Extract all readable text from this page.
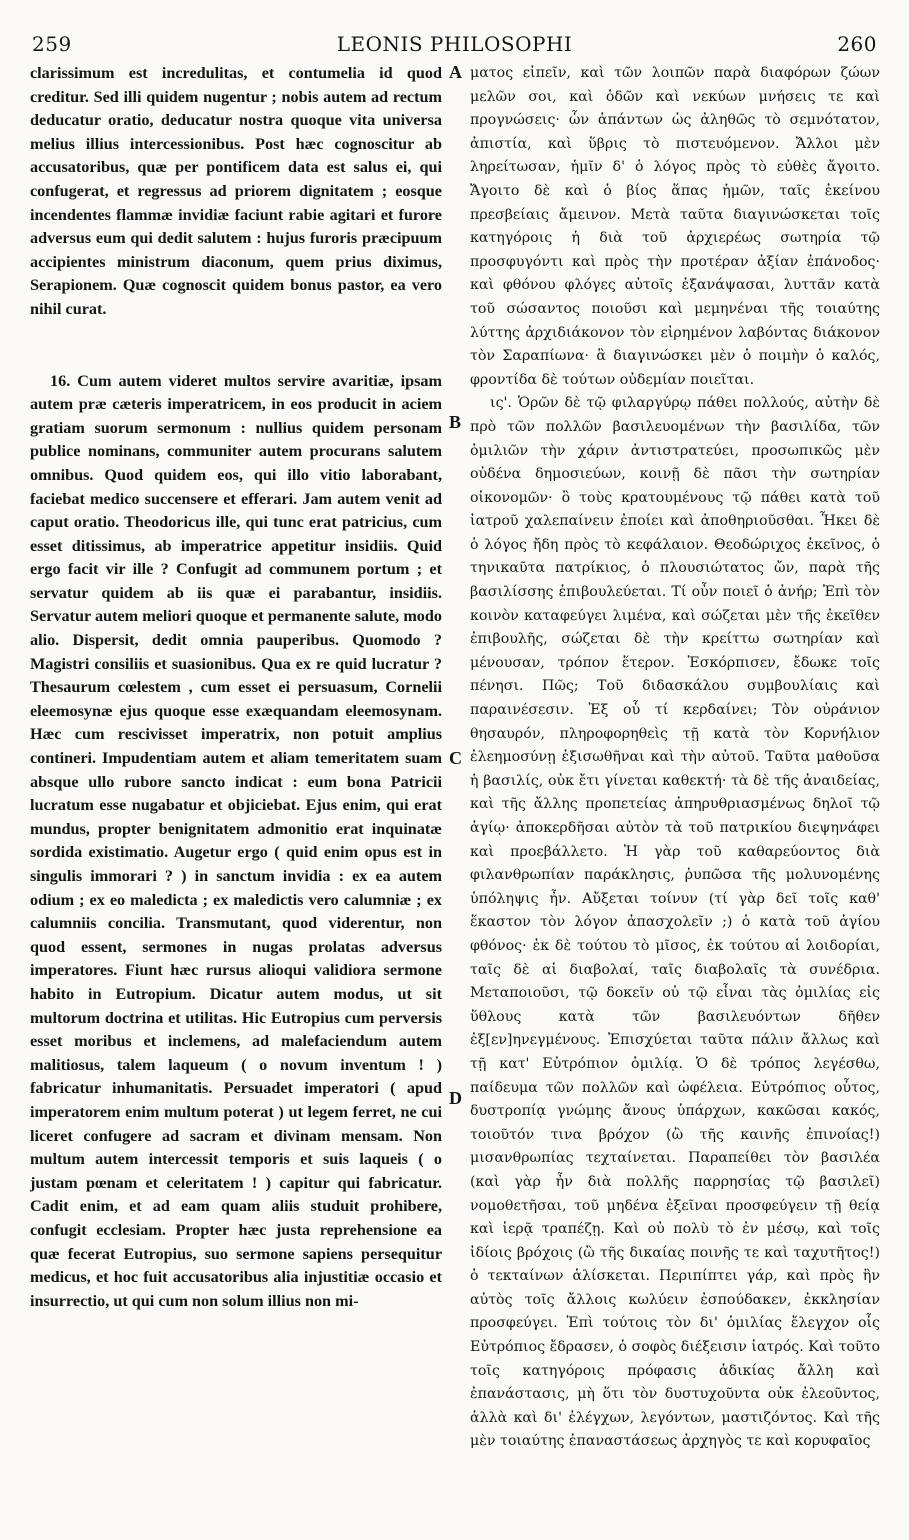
259	LEONIS PHILOSOPHI	260

clarissimum est incredulitas, et contumelia id quod creditur. Sed illi quidem nugentur ; nobis autem ad rectum deducatur oratio, deducatur nostra quoque vita universa melius illius intercessionibus. Post hæc cognoscitur ab accusatoribus, quæ per pontificem data est salus ei, qui confugerat, et regressus ad priorem dignitatem ; eosque incendentes flammæ invidiæ faciunt rabie agitari et furore adversus eum qui dedit salutem : hujus furoris præcipuum accipientes ministrum diaconum, quem prius diximus, Serapionem. Quæ cognoscit quidem bonus pastor, ea vero nihil curat.

16. Cum autem videret multos servire avaritiæ, ipsam autem præ cæteris imperatricem, in eos producit in aciem gratiam suorum sermonum : nullius quidem personam publice nominans, communiter autem procurans salutem omnibus. Quod quidem eos, qui illo vitio laborabant, faciebat medico succensere et efferari. Jam autem venit ad caput oratio. Theodoricus ille, qui tunc erat patricius, cum esset ditissimus, ab imperatrice appetitur insidiis. Quid ergo facit vir ille ? Confugit ad communem portum ; et servatur quidem ab iis quæ ei parabantur, insidiis. Servatur autem meliori quoque et permanente salute, modo alio. Dispersit, dedit omnia pauperibus. Quomodo ? Magistri consiliis et suasionibus. Qua ex re quid lucratur ? Thesaurum cœlestem , cum esset ei persuasum, Cornelii eleemosynæ ejus quoque esse exæquandam eleemosynam. Hæc cum rescivisset imperatrix, non potuit amplius contineri. Impudentiam autem et aliam temeritatem suam absque ullo rubore sancto indicat : eum bona Patricii lucratum esse nugabatur et objiciebat. Ejus enim, qui erat mundus, propter benignitatem admonitio erat inquinatæ sordida existimatio. Augetur ergo ( quid enim opus est in singulis immorari ? ) in sanctum invidia : ex ea autem odium ; ex eo maledicta ; ex maledictis vero calumniæ ; ex calumniis concilia. Transmutant, quod viderentur, non quod essent, sermones in nugas prolatas adversus imperatores. Fiunt hæc rursus alioqui validiora sermone habito in Eutropium. Dicatur autem modus, ut sit multorum doctrina et utilitas. Hic Eutropius cum perversis esset moribus et inclemens, ad malefaciendum autem malitiosus, talem laqueum ( o novum inventum ! ) fabricatur inhumanitatis. Persuadet imperatori ( apud imperatorem enim multum poterat ) ut legem ferret, ne cui liceret confugere ad sacram et divinam mensam. Non multum autem intercessit temporis et suis laqueis ( o justam pœnam et celeritatem ! ) capitur qui fabricatur. Cadit enim, et ad eam quam aliis studuit prohibere, confugit ecclesiam. Propter hæc justa reprehensione ea quæ fecerat Eutropius, suo sermone sapiens persequitur medicus, et hoc fuit accusatoribus alia injustitiæ occasio et insurrectio, ut qui cum non solum illius non mi-

A
B
C
D

ματος εἰπεῖν, καὶ τῶν λοιπῶν παρὰ διαφόρων ζώων μελῶν σοι, καὶ ὁδῶν καὶ νεκύων μνήσεις τε καὶ προγνώσεις· ὧν ἁπάντων ὡς ἀληθῶς τὸ σεμνότατον, ἀπιστία, καὶ ὕβρις τὸ πιστευόμενον. Ἄλλοι μὲν ληρείτωσαν, ἡμῖν δ' ὁ λόγος πρὸς τὸ εὐθὲς ἄγοιτο. Ἄγοιτο δὲ καὶ ὁ βίος ἅπας ἡμῶν, ταῖς ἐκείνου πρεσβείαις ἄμεινον. Μετὰ ταῦτα διαγινώσκεται τοῖς κατηγόροις ἡ διὰ τοῦ ἀρχιερέως σωτηρία τῷ προσφυγόντι καὶ πρὸς τὴν προτέραν ἀξίαν ἐπάνοδος· καὶ φθόνου φλόγες αὐτοῖς ἐξανάψασαι, λυττᾶν κατὰ τοῦ σώσαντος ποιοῦσι καὶ μεμηνέναι τῆς τοιαύτης λύττης ἀρχιδιάκονον τὸν εἰρημένον λαβόντας διάκονον τὸν Σαραπίωνα· ἃ διαγινώσκει μὲν ὁ ποιμὴν ὁ καλός, φροντίδα δὲ τούτων οὐδεμίαν ποιεῖται.

ις'. Ὁρῶν δὲ τῷ φιλαργύρῳ πάθει πολλούς, αὐτὴν δὲ πρὸ τῶν πολλῶν βασιλευομένων τὴν βασιλίδα, τῶν ὁμιλιῶν τὴν χάριν ἀντιστρατεύει, προσωπικῶς μὲν οὐδένα δημοσιεύων, κοινῇ δὲ πᾶσι τὴν σωτηρίαν οἰκονομῶν· ὃ τοὺς κρατουμένους τῷ πάθει κατὰ τοῦ ἰατροῦ χαλεπαίνειν ἐποίει καὶ ἀποθηριοῦσθαι. Ἧκει δὲ ὁ λόγος ἤδη πρὸς τὸ κεφάλαιον. Θεοδώριχος ἐκεῖνος, ὁ τηνικαῦτα πατρίκιος, ὁ πλουσιώτατος ὤν, παρὰ τῆς βασιλίσσης ἐπιβουλεύεται. Τί οὖν ποιεῖ ὁ ἀνήρ; Ἐπὶ τὸν κοινὸν καταφεύγει λιμένα, καὶ σώζεται μὲν τῆς ἐκεῖθεν ἐπιβουλῆς, σώζεται δὲ τὴν κρείττω σωτηρίαν καὶ μένουσαν, τρόπον ἕτερον. Ἐσκόρπισεν, ἔδωκε τοῖς πένησι. Πῶς; Τοῦ διδασκάλου συμβουλίαις καὶ παραινέσεσιν. Ἐξ οὗ τί κερδαίνει; Τὸν οὐράνιον θησαυρόν, πληροφορηθεὶς τῇ κατὰ τὸν Κορνήλιον ἐλεημοσύνῃ ἐξισωθῆναι καὶ τὴν αὐτοῦ. Ταῦτα μαθοῦσα ἡ βασιλίς, οὐκ ἔτι γίνεται καθεκτή· τὰ δὲ τῆς ἀναιδείας, καὶ τῆς ἄλλης προπετείας ἀπηρυθριασμένως δηλοῖ τῷ ἁγίῳ· ἀποκερδῆσαι αὐτὸν τὰ τοῦ πατρικίου διεψηνάφει καὶ προεβάλλετο. Ἡ γὰρ τοῦ καθαρεύοντος διὰ φιλανθρωπίαν παράκλησις, ῥυπῶσα τῆς μολυνομένης ὑπόληψις ἦν. Αὔξεται τοίνυν (τί γὰρ δεῖ τοῖς καθ' ἕκαστον τὸν λόγον ἀπασχολεῖν ;) ὁ κατὰ τοῦ ἁγίου φθόνος· ἐκ δὲ τούτου τὸ μῖσος, ἐκ τούτου αἱ λοιδορίαι, ταῖς δὲ αἱ διαβολαί, ταῖς διαβολαῖς τὰ συνέδρια. Μεταποιοῦσι, τῷ δοκεῖν οὐ τῷ εἶναι τὰς ὁμιλίας εἰς ὕθλους κατὰ τῶν βασιλευόντων δῆθεν ἐξ[εν]ηνεγμένους. Ἐπισχύεται ταῦτα πάλιν ἄλλως καὶ τῇ κατ' Εὐτρόπιον ὁμιλίᾳ. Ὁ δὲ τρόπος λεγέσθω, παίδευμα τῶν πολλῶν καὶ ὠφέλεια. Εὐτρόπιος οὗτος, δυστροπίᾳ γνώμης ἄνους ὑπάρχων, κακῶσαι κακός, τοιοῦτόν τινα βρόχον (ὢ τῆς καινῆς ἐπινοίας!) μισανθρωπίας τεχταίνεται. Παραπείθει τὸν βασιλέα (καὶ γὰρ ἦν διὰ πολλῆς παρρησίας τῷ βασιλεῖ) νομοθετῆσαι, τοῦ μηδένα ἐξεῖναι προσφεύγειν τῇ θείᾳ καὶ ἱερᾷ τραπέζῃ. Καὶ οὐ πολὺ τὸ ἐν μέσῳ, καὶ τοῖς ἰδίοις βρόχοις (ὢ τῆς δικαίας ποινῆς τε καὶ ταχυτῆτος!) ὁ τεκταίνων ἁλίσκεται. Περιπίπτει γάρ, καὶ πρὸς ἣν αὐτὸς τοῖς ἄλλοις κωλύειν ἐσπούδακεν, ἐκκλησίαν προσφεύγει. Ἐπὶ τούτοις τὸν δι' ὁμιλίας ἔλεγχον οἷς Εὐτρόπιος ἔδρασεν, ὁ σοφὸς διέξεισιν ἰατρός. Καὶ τοῦτο τοῖς κατηγόροις πρόφασις ἀδικίας ἄλλη καὶ ἐπανάστασις, μὴ ὅτι τὸν δυστυχοῦντα οὐκ ἐλεοῦντος, ἀλλὰ καὶ δι' ἐλέγχων, λεγόντων, μαστιζόντος. Καὶ τῆς μὲν τοιαύτης ἐπαναστάσεως ἀρχηγὸς τε καὶ κορυφαῖος
